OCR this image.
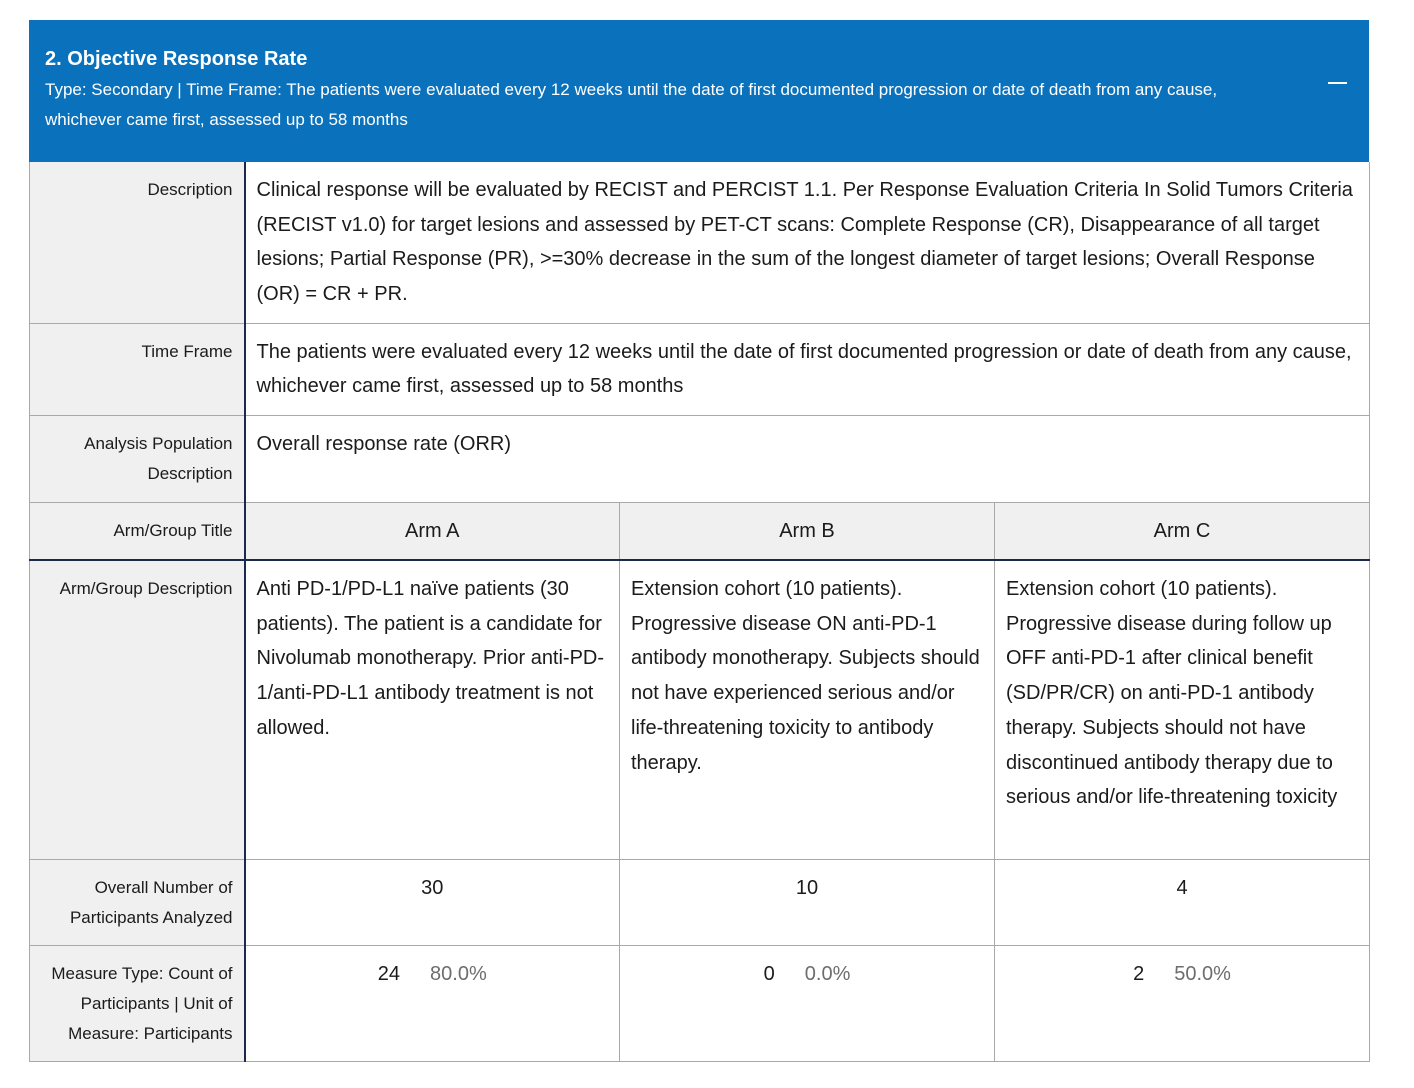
2. Objective Response Rate
Type: Secondary | Time Frame: The patients were evaluated every 12 weeks until the date of first documented progression or date of death from any cause, whichever came first, assessed up to 58 months
Description	Clinical response will be evaluated by RECIST and PERCIST 1.1. Per Response Evaluation Criteria In Solid Tumors Criteria (RECIST v1.0) for target lesions and assessed by PET-CT scans: Complete Response (CR), Disappearance of all target lesions; Partial Response (PR), >=30% decrease in the sum of the longest diameter of target lesions; Overall Response (OR) = CR + PR.		
Time Frame	The patients were evaluated every 12 weeks until the date of first documented progression or date of death from any cause, whichever came first, assessed up to 58 months		
Analysis Population Description	Overall response rate (ORR)		
Arm/Group Title	Arm A	Arm B	Arm C
Arm/Group Description	Anti PD-1/PD-L1 naïve patients (30 patients). The patient is a candidate for Nivolumab monotherapy. Prior anti-PD-1/anti-PD-L1 antibody treatment is not allowed.	Extension cohort (10 patients). Progressive disease ON anti-PD-1 antibody monotherapy. Subjects should not have experienced serious and/or life-threatening toxicity to antibody therapy.	Extension cohort (10 patients). Progressive disease during follow up OFF anti-PD-1 after clinical benefit (SD/PR/CR) on anti-PD-1 antibody therapy. Subjects should not have discontinued antibody therapy due to serious and/or life-threatening toxicity
Overall Number of Participants Analyzed	30	10	4
Measure Type: Count of Participants | Unit of Measure: Participants	24 80.0%	0 0.0%	2 50.0%
